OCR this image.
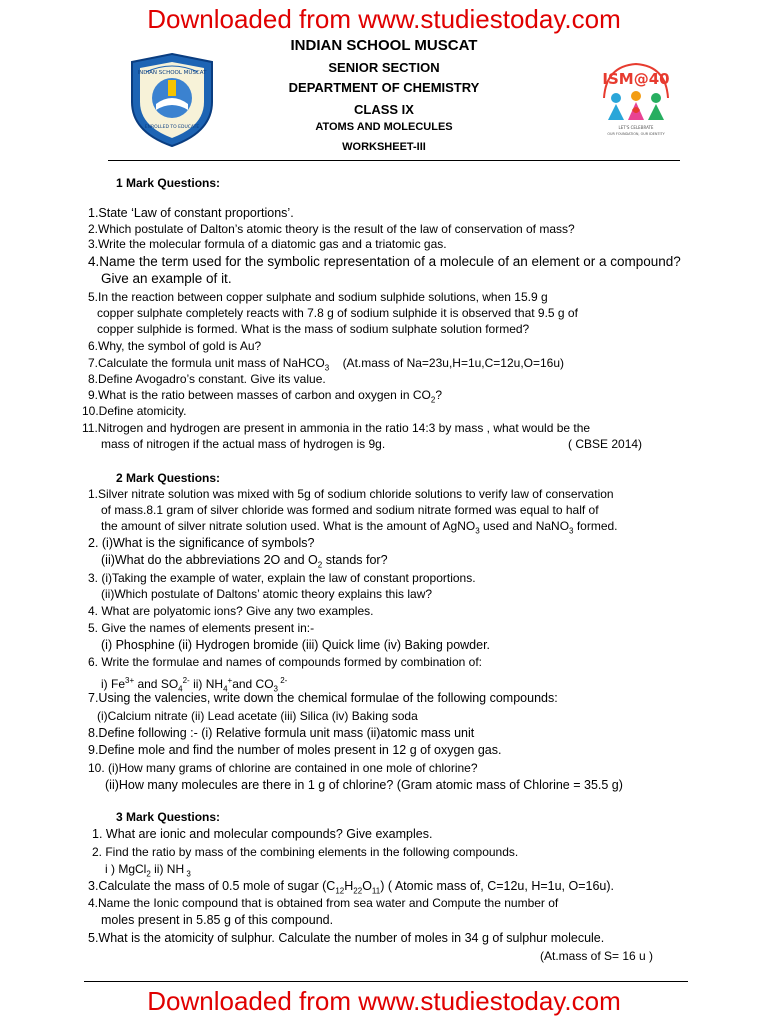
Downloaded from www.studiestoday.com
INDIAN SCHOOL MUSCAT
ENROLLED TO EDUCATE
ISM@40
LET'S CELEBRATE
OUR FOUNDATION, OUR IDENTITY
INDIAN SCHOOL MUSCAT
SENIOR SECTION
DEPARTMENT OF CHEMISTRY
CLASS IX
ATOMS AND MOLECULES
WORKSHEET-III
1 Mark Questions:
1.State ‘Law of constant proportions’.
2.Which postulate of Dalton’s atomic theory is the result of the law of conservation of mass?
3.Write the molecular formula of a diatomic gas and a triatomic gas.
4.Name the term used for the symbolic representation of a molecule of an element or a compound?
Give an example of it.
5.In the reaction between copper sulphate and sodium sulphide solutions, when 15.9 g
copper sulphate completely reacts with 7.8 g of sodium sulphide it is observed that 9.5 g of
copper sulphide is formed. What is the mass of sodium sulphate solution formed?
6.Why, the symbol of gold is Au?
7.Calculate the formula unit mass of NaHCO$_3$ (At.mass of Na=23u,H=1u,C=12u,O=16u)
8.Define Avogadro’s constant. Give its value.
9.What is the ratio between masses of carbon and oxygen in $CO_2$?
10.Define atomicity.
11.Nitrogen and hydrogen are present in ammonia in the ratio 14:3 by mass , what would be the
mass of nitrogen if the actual mass of hydrogen is 9g.	( CBSE 2014)
2 Mark Questions:
1.Silver nitrate solution was mixed with 5g of sodium chloride solutions to verify law of conservation
of mass.8.1 gram of silver chloride was formed and sodium nitrate formed was equal to half of
the amount of silver nitrate solution used. What is the amount of AgNO$_3$ used and NaNO$_3$ formed.
2. (i)What is the significance of symbols?
(ii)What do the abbreviations 2O and $O_2$ stands for?
3. (i)Taking the example of water, explain the law of constant proportions.
(ii)Which postulate of Daltons’ atomic theory explains this law?
4. What are polyatomic ions? Give any two examples.
5. Give the names of elements present in:-
(i) Phosphine (ii) Hydrogen bromide (iii) Quick lime (iv) Baking powder.
6. Write the formulae and names of compounds formed by combination of:
i) $Fe^{3+}$ and $SO_4^{2-}$ ii) $NH_4^+and$ $CO_3$ $^{2-}$
7.Using the valencies, write down the chemical formulae of the following compounds:
(i)Calcium nitrate (ii) Lead acetate (iii) Silica (iv) Baking soda
8.Define following :- (i) Relative formula unit mass (ii)atomic mass unit
9.Define mole and find the number of moles present in 12 g of oxygen gas.
10. (i)How many grams of chlorine are contained in one mole of chlorine?
(ii)How many molecules are there in 1 g of chlorine? (Gram atomic mass of Chlorine = 35.5 g)
3 Mark Questions:
1. What are ionic and molecular compounds? Give examples.
2. Find the ratio by mass of the combining elements in the following compounds.
i ) MgCl$_2$ ii) NH $_3$
3.Calculate the mass of 0.5 mole of sugar $(C_{12}H_{22}O_{11})$ ( Atomic mass of, C=12u, H=1u, O=16u).
4.Name the Ionic compound that is obtained from sea water and Compute the number of
moles present in 5.85 g of this compound.
5.What is the atomicity of sulphur. Calculate the number of moles in 34 g of sulphur molecule.
(At.mass of S= 16 u )
Downloaded from www.studiestoday.com
